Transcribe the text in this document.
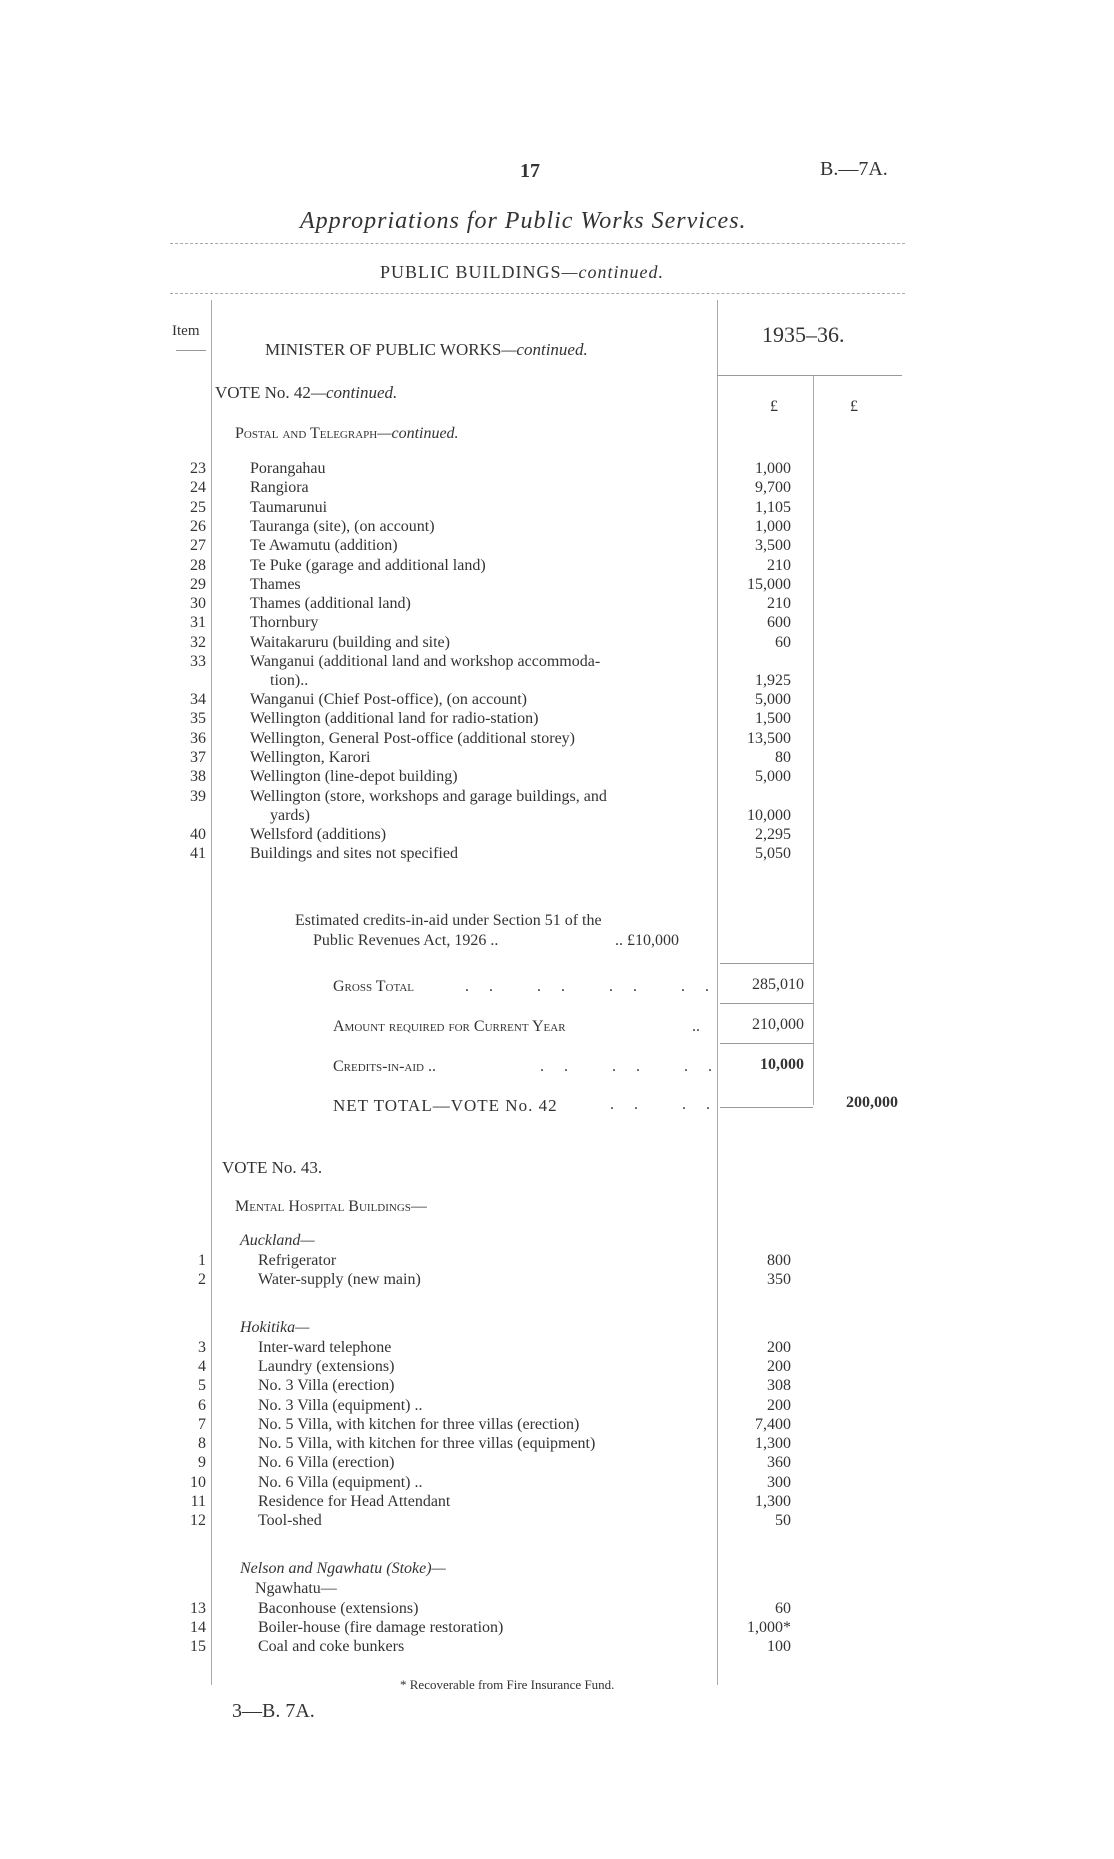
17	B.—7A.
Appropriations for Public Works Services.
PUBLIC BUILDINGS—continued.
Item	1935–36.
MINISTER OF PUBLIC WORKS—continued.
£	£
VOTE No. 42—continued.
Postal and Telegraph—continued.
23	Porangahau	1,000
24	Rangiora	9,700
25	Taumarunui	1,105
26	Tauranga (site), (on account)	1,000
27	Te Awamutu (addition)	3,500
28	Te Puke (garage and additional land)	210
29	Thames	15,000
30	Thames (additional land)	210
31	Thornbury	600
32	Waitakaruru (building and site)	60
33	Wanganui (additional land and workshop accommoda-
tion)..	1,925
34	Wanganui (Chief Post-office), (on account)	5,000
35	Wellington (additional land for radio-station)	1,500
36	Wellington, General Post-office (additional storey)	13,500
37	Wellington, Karori	80
38	Wellington (line-depot building)	5,000
39	Wellington (store, workshops and garage buildings, and
yards)	10,000
40	Wellsford (additions)	2,295
41	Buildings and sites not specified	5,050
Estimated credits-in-aid under Section 51 of the
Public Revenues Act, 1926 ..	.. £10,000
Gross Total	.. .. .. ..	285,010
Amount required for Current Year	..	210,000
Credits-in-aid ..	.. .. ..	10,000
NET TOTAL—VOTE No. 42	.. ..	200,000
VOTE No. 43.
Mental Hospital Buildings—
Auckland—
1	Refrigerator	800
2	Water-supply (new main)	350
Hokitika—
3	Inter-ward telephone	200
4	Laundry (extensions)	200
5	No. 3 Villa (erection)	308
6	No. 3 Villa (equipment) ..	200
7	No. 5 Villa, with kitchen for three villas (erection)	7,400
8	No. 5 Villa, with kitchen for three villas (equipment)	1,300
9	No. 6 Villa (erection)	360
10	No. 6 Villa (equipment) ..	300
11	Residence for Head Attendant	1,300
12	Tool-shed	50
Nelson and Ngawhatu (Stoke)—
Ngawhatu—
13	Baconhouse (extensions)	60
14	Boiler-house (fire damage restoration)	1,000*
15	Coal and coke bunkers	100
* Recoverable from Fire Insurance Fund.
3—B. 7A.
